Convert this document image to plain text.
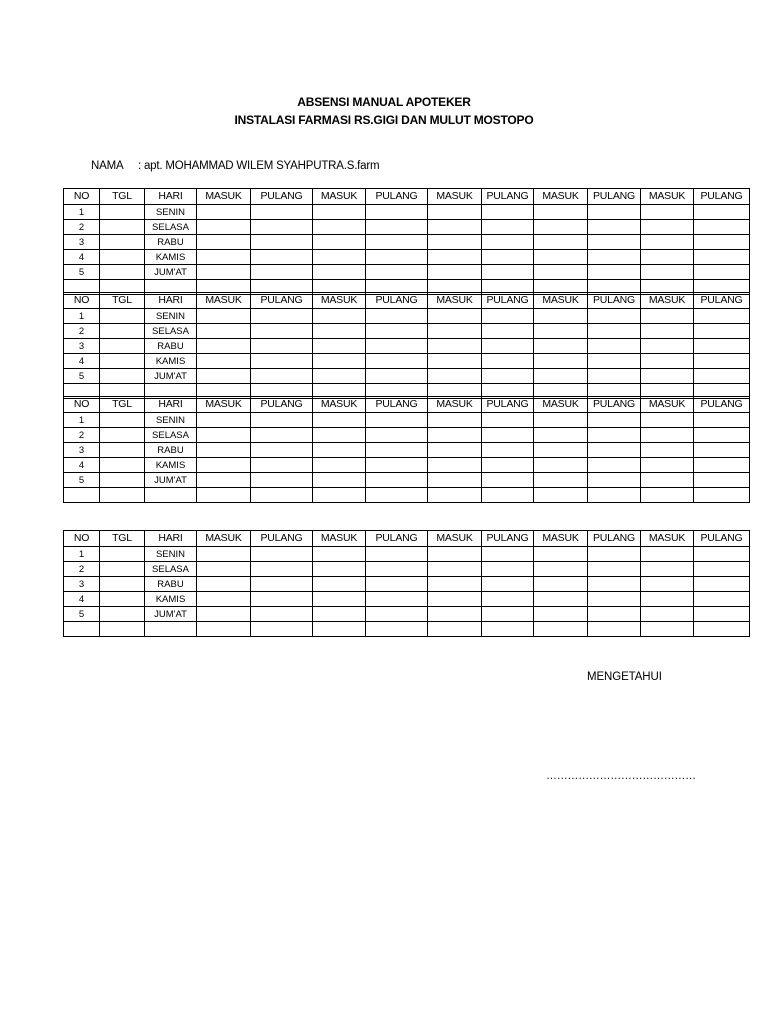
ABSENSI MANUAL APOTEKER
INSTALASI FARMASI RS.GIGI DAN MULUT MOSTOPO
NAMA : apt. MOHAMMAD WILEM SYAHPUTRA.S.farm
NO	TGL	HARI	MASUK	PULANG	MASUK	PULANG	MASUK	PULANG	MASUK	PULANG	MASUK	PULANG
1		SENIN										
2		SELASA										
3		RABU										
4		KAMIS										
5		JUM'AT										

NO	TGL	HARI	MASUK	PULANG	MASUK	PULANG	MASUK	PULANG	MASUK	PULANG	MASUK	PULANG
1		SENIN										
2		SELASA										
3		RABU										
4		KAMIS										
5		JUM'AT										

NO	TGL	HARI	MASUK	PULANG	MASUK	PULANG	MASUK	PULANG	MASUK	PULANG	MASUK	PULANG
1		SENIN										
2		SELASA										
3		RABU										
4		KAMIS										
5		JUM'AT										

NO	TGL	HARI	MASUK	PULANG	MASUK	PULANG	MASUK	PULANG	MASUK	PULANG	MASUK	PULANG
1		SENIN										
2		SELASA										
3		RABU										
4		KAMIS										
5		JUM'AT										

MENGETAHUI
……………………………………
